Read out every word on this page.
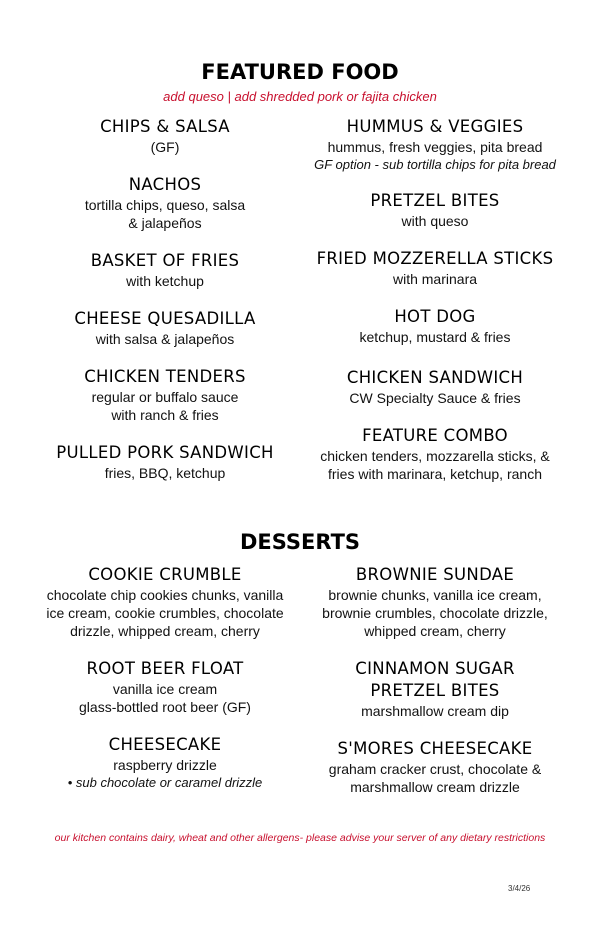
FEATURED FOOD
add queso | add shredded pork or fajita chicken
CHIPS & SALSA
(GF)
NACHOS
tortilla chips, queso, salsa
& jalapeños
BASKET OF FRIES
with ketchup
CHEESE QUESADILLA
with salsa & jalapeños
CHICKEN TENDERS
regular or buffalo sauce
with ranch & fries
PULLED PORK SANDWICH
fries, BBQ, ketchup
HUMMUS & VEGGIES
hummus, fresh veggies, pita bread
GF option - sub tortilla chips for pita bread
PRETZEL BITES
with queso
FRIED MOZZERELLA STICKS
with marinara
HOT DOG
ketchup, mustard & fries
CHICKEN SANDWICH
CW Specialty Sauce & fries
FEATURE COMBO
chicken tenders, mozzarella sticks, &
fries with marinara, ketchup, ranch
DESSERTS
COOKIE CRUMBLE
chocolate chip cookies chunks, vanilla
ice cream, cookie crumbles, chocolate
drizzle, whipped cream, cherry
ROOT BEER FLOAT
vanilla ice cream
glass-bottled root beer (GF)
CHEESECAKE
raspberry drizzle
• sub chocolate or caramel drizzle
BROWNIE SUNDAE
brownie chunks, vanilla ice cream,
brownie crumbles, chocolate drizzle,
whipped cream, cherry
CINNAMON SUGAR
PRETZEL BITES
marshmallow cream dip
S'MORES CHEESECAKE
graham cracker crust, chocolate &
marshmallow cream drizzle
our kitchen contains dairy, wheat and other allergens- please advise your server of any dietary restrictions
3/4/26
